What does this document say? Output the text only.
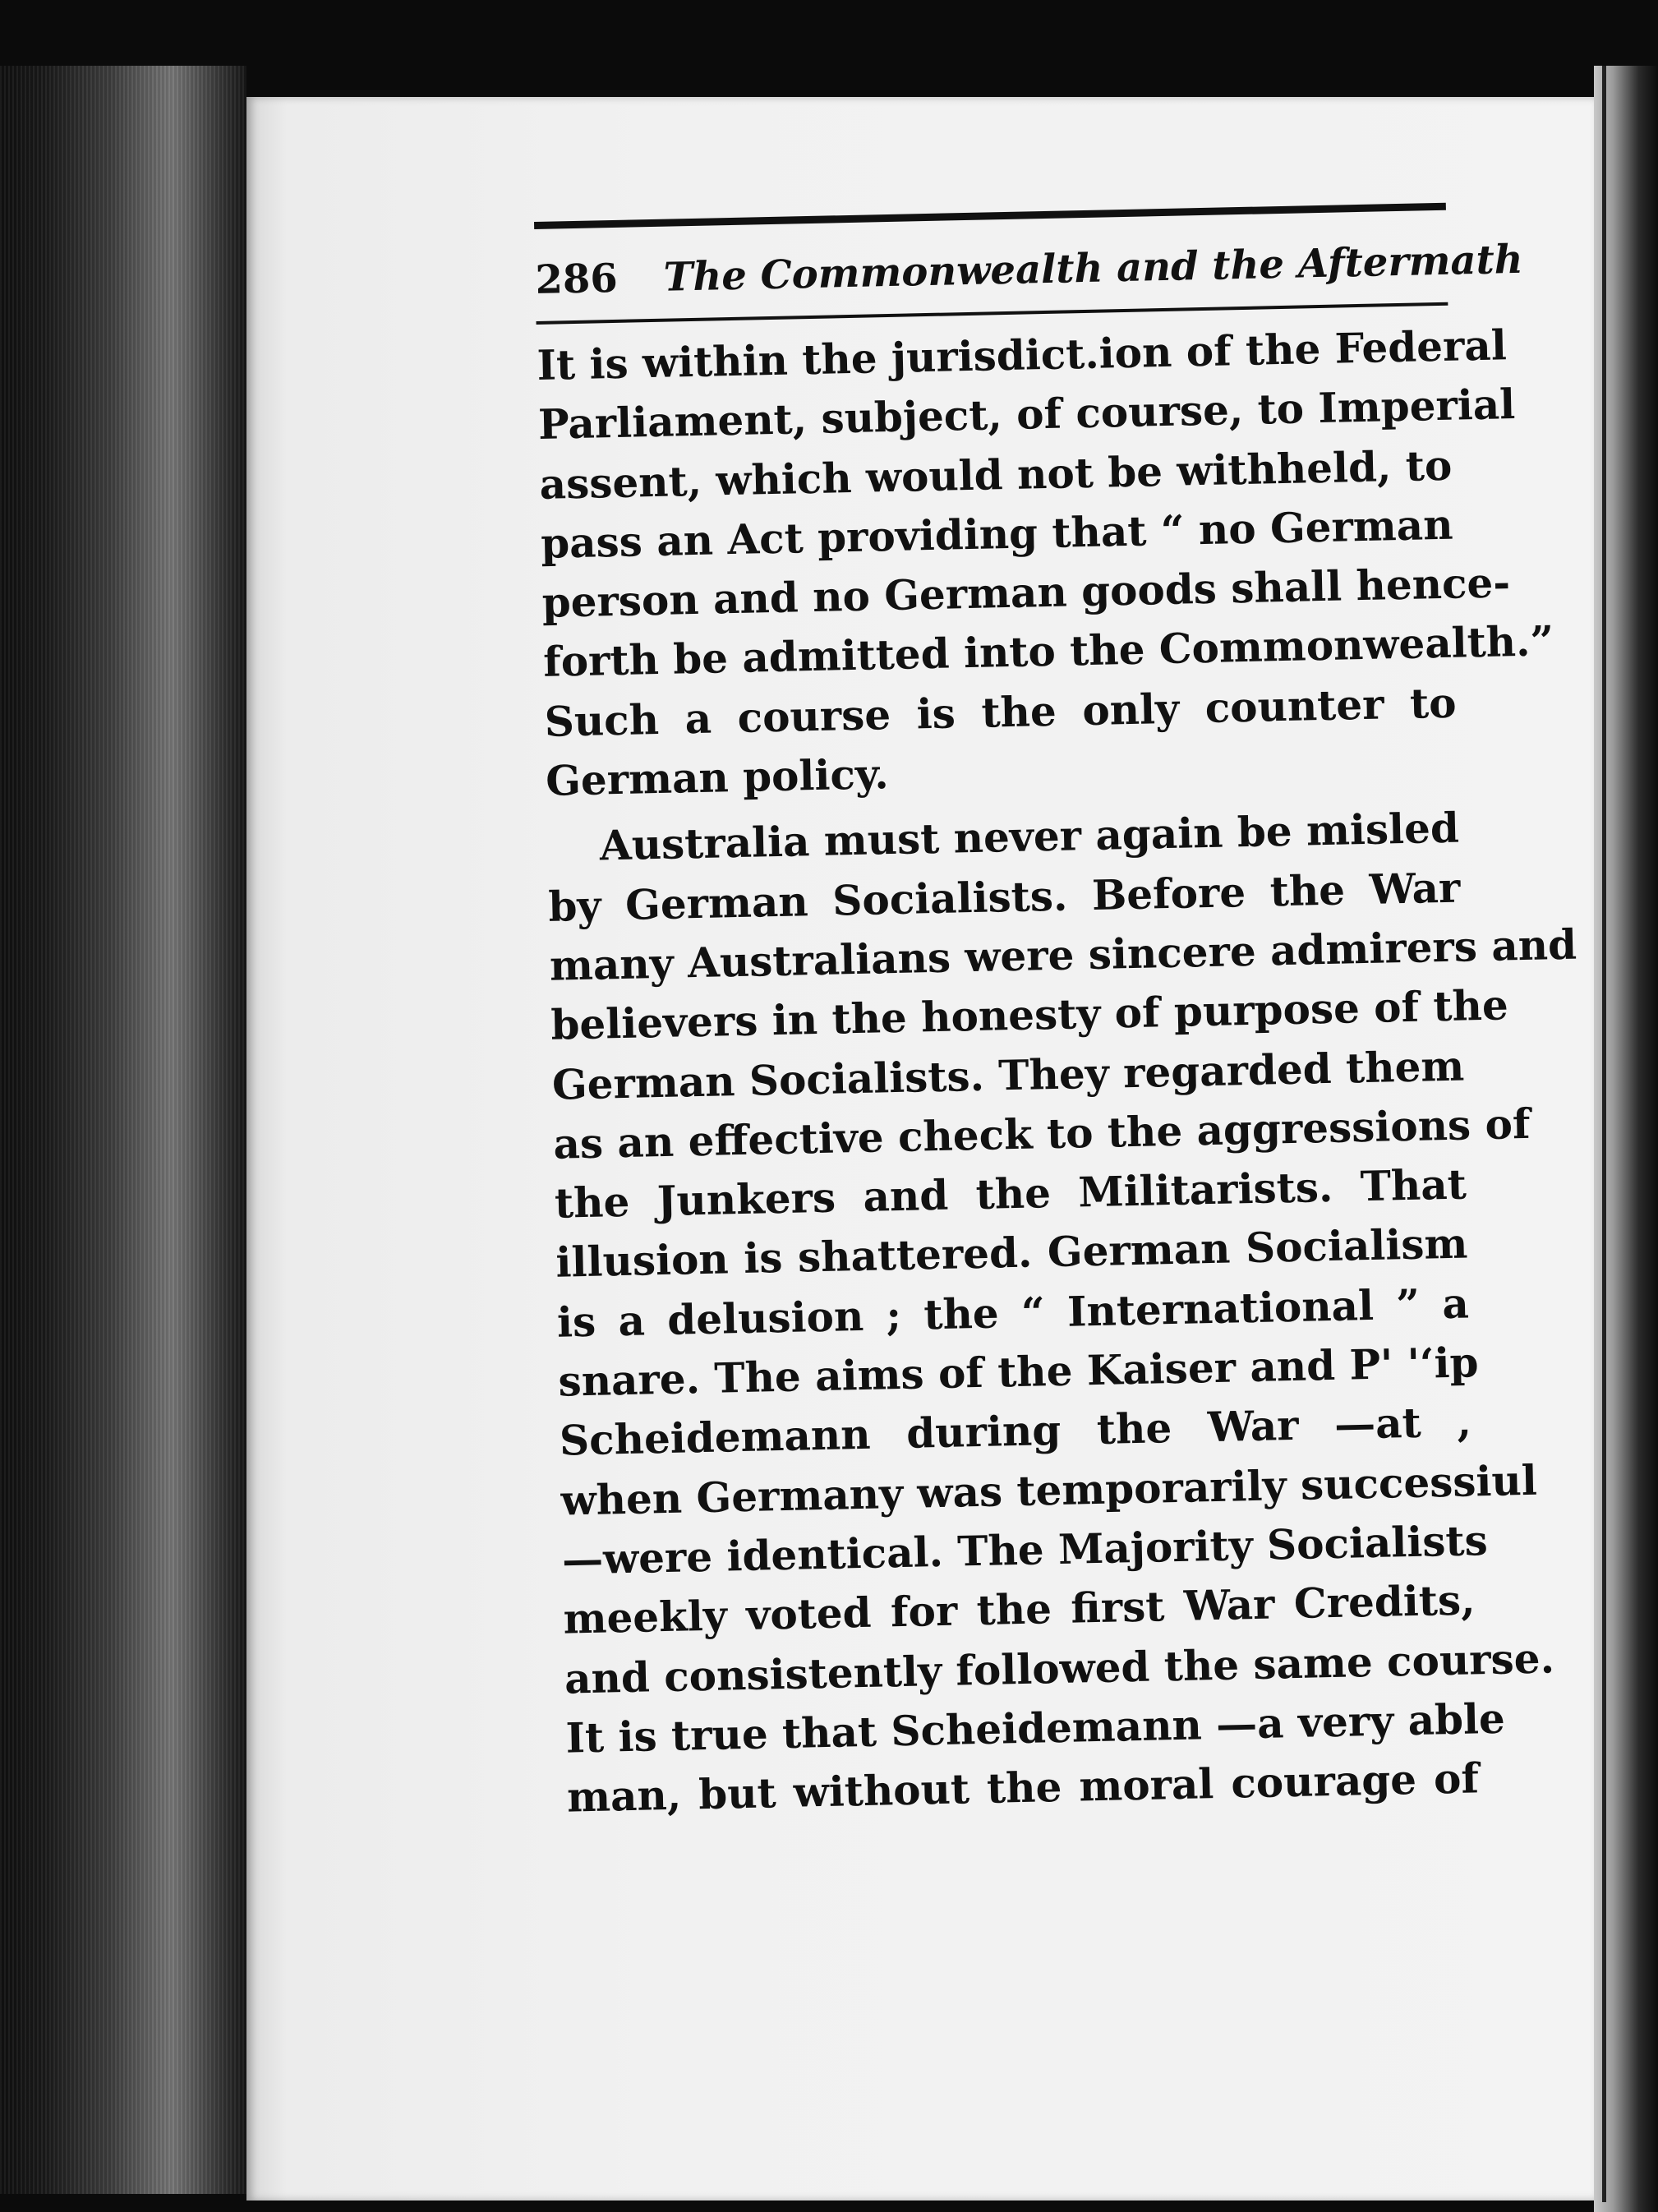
286 The Commonwealth and the Aftermath
It is within the jurisdict.ion of the Federal
Parliament, subject, of course, to Imperial
assent, which would not be withheld, to
pass an Act providing that “ no German
person and no German goods shall hence-
forth be admitted into the Commonwealth.”
Such a course is the only counter to
German policy.
Australia must never again be misled
by German Socialists. Before the War
many Australians were sincere admirers and
believers in the honesty of purpose of the
German Socialists. They regarded them
as an effective check to the aggressions of
the Junkers and the Militarists. That
illusion is shattered. German Socialism
is a delusion ; the “ International ” a
snare. The aims of the Kaiser and P' '‘ip
Scheidemann during the War —at ,
when Germany was temporarily successiul
—were identical. The Majority Socialists
meekly voted for the first War Credits,
and consistently followed the same course.
It is true that Scheidemann —a very able
man, but without the moral courage of
